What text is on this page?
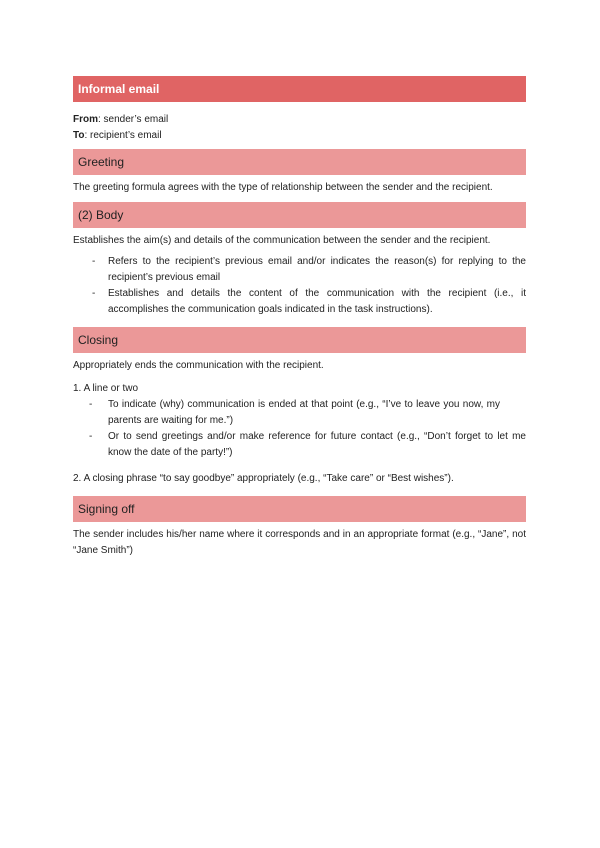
Informal email

From: sender’s email

To: recipient’s email

Greeting

The greeting formula agrees with the type of relationship between the sender and the recipient.

(2) Body

Establishes the aim(s) and details of the communication between the sender and the recipient.

- Refers to the recipient’s previous email and/or indicates the reason(s) for replying to the recipient’s previous email
- Establishes and details the content of the communication with the recipient (i.e., it accomplishes the communication goals indicated in the task instructions).
Closing

Appropriately ends the communication with the recipient.

1. A line or two

- To indicate (why) communication is ended at that point (e.g., “I’ve to leave you now, my parents are waiting for me.”)
- Or to send greetings and/or make reference for future contact (e.g., “Don’t forget to let me know the date of the party!”)

2. A closing phrase “to say goodbye” appropriately (e.g., “Take care” or “Best wishes”).

Signing off

The sender includes his/her name where it corresponds and in an appropriate format (e.g., “Jane”, not “Jane Smith”)
